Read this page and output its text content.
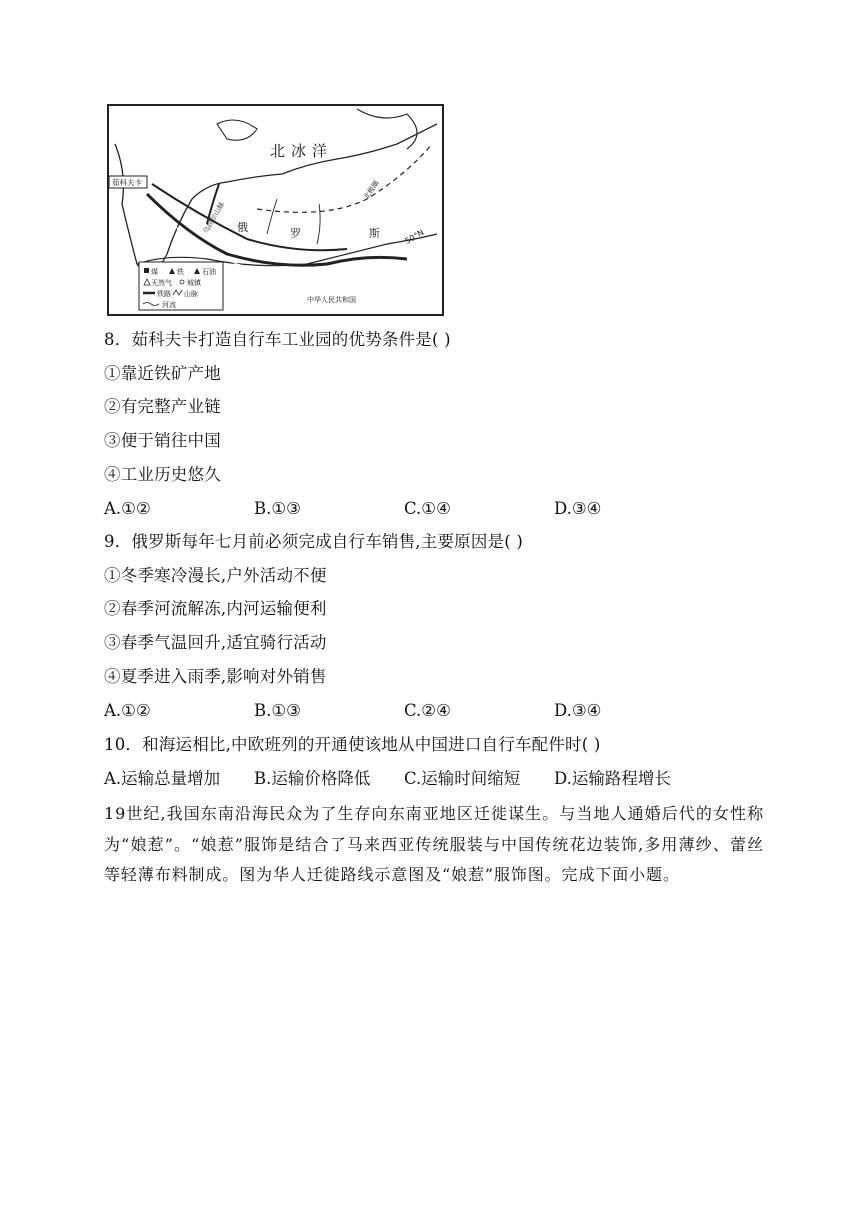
茹科夫卡
北冰洋
俄	罗	斯
北极圈
50°N
乌拉尔山脉
中华人民共和国
煤	铁	石油
天然气 城镇
铁路 山脉
河流
8．茹科夫卡打造自行车工业园的优势条件是( )
①靠近铁矿产地
②有完整产业链
③便于销往中国
④工业历史悠久
A.①②	B.①③	C.①④	D.③④
9．俄罗斯每年七月前必须完成自行车销售,主要原因是( )
①冬季寒冷漫长,户外活动不便
②春季河流解冻,内河运输便利
③春季气温回升,适宜骑行活动
④夏季进入雨季,影响对外销售
A.①②	B.①③	C.②④	D.③④
10．和海运相比,中欧班列的开通使该地从中国进口自行车配件时( )
A.运输总量增加 B.运输价格降低 C.运输时间缩短 D.运输路程增长
19世纪,我国东南沿海民众为了生存向东南亚地区迁徙谋生。与当地人通婚后代的女性称为“娘惹”。“娘惹”服饰是结合了马来西亚传统服装与中国传统花边装饰,多用薄纱、蕾丝等轻薄布料制成。图为华人迁徙路线示意图及“娘惹”服饰图。完成下面小题。
